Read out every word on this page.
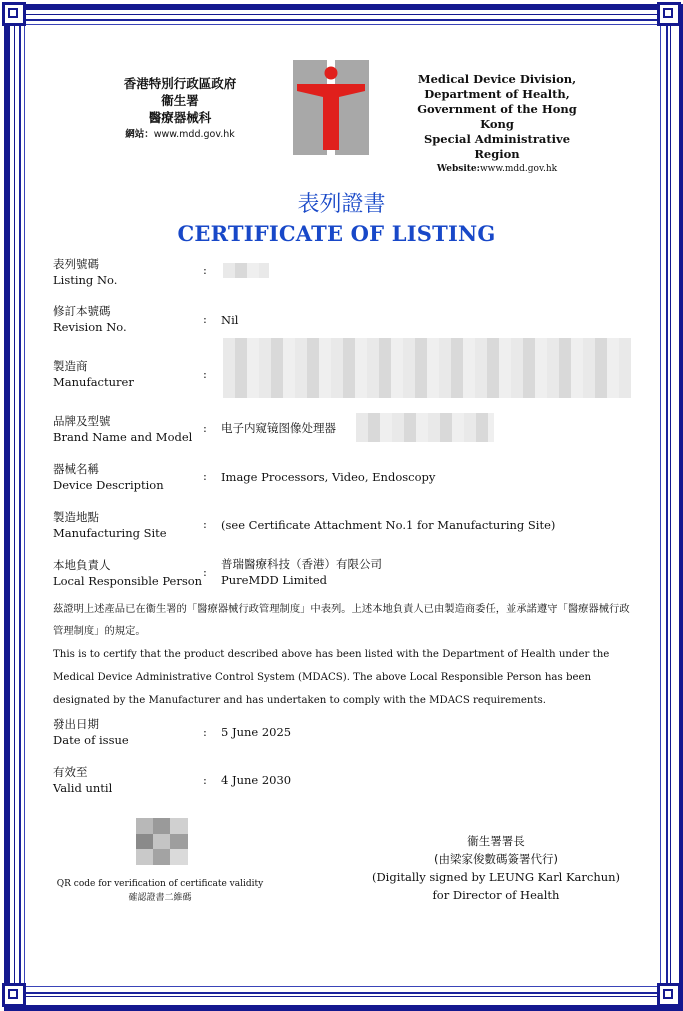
香港特別行政區政府
衞生署
醫療器械科
網站：www.mdd.gov.hk
Medical Device Division,
Department of Health,
Government of the Hong Kong
Special Administrative Region
Website:www.mdd.gov.hk
表列證書
CERTIFICATE OF LISTING
表列號碼
Listing No.
:
修訂本號碼
Revision No.
: Nil
製造商
Manufacturer
:
品牌及型號
Brand Name and Model
: 电子内窥镜图像处理器
器械名稱
Device Description
: Image Processors, Video, Endoscopy
製造地點
Manufacturing Site
: (see Certificate Attachment No.1 for Manufacturing Site)
本地負責人
Local Responsible Person
:
普瑞醫療科技（香港）有限公司
PureMDD Limited
茲證明上述產品已在衞生署的「醫療器械行政管理制度」中表列。上述本地負責人已由製造商委任，並承諾遵守「醫療器械行政管理制度」的規定。
This is to certify that the product described above has been listed with the Department of Health under the Medical Device Administrative Control System (MDACS). The above Local Responsible Person has been designated by the Manufacturer and has undertaken to comply with the MDACS requirements.
發出日期
Date of issue
: 5 June 2025
有效至
Valid until
: 4 June 2030
QR code for verification of certificate validity
確認證書二維碼
衞生署署長
(由梁家俊數碼簽署代行)
(Digitally signed by LEUNG Karl Karchun)
for Director of Health
